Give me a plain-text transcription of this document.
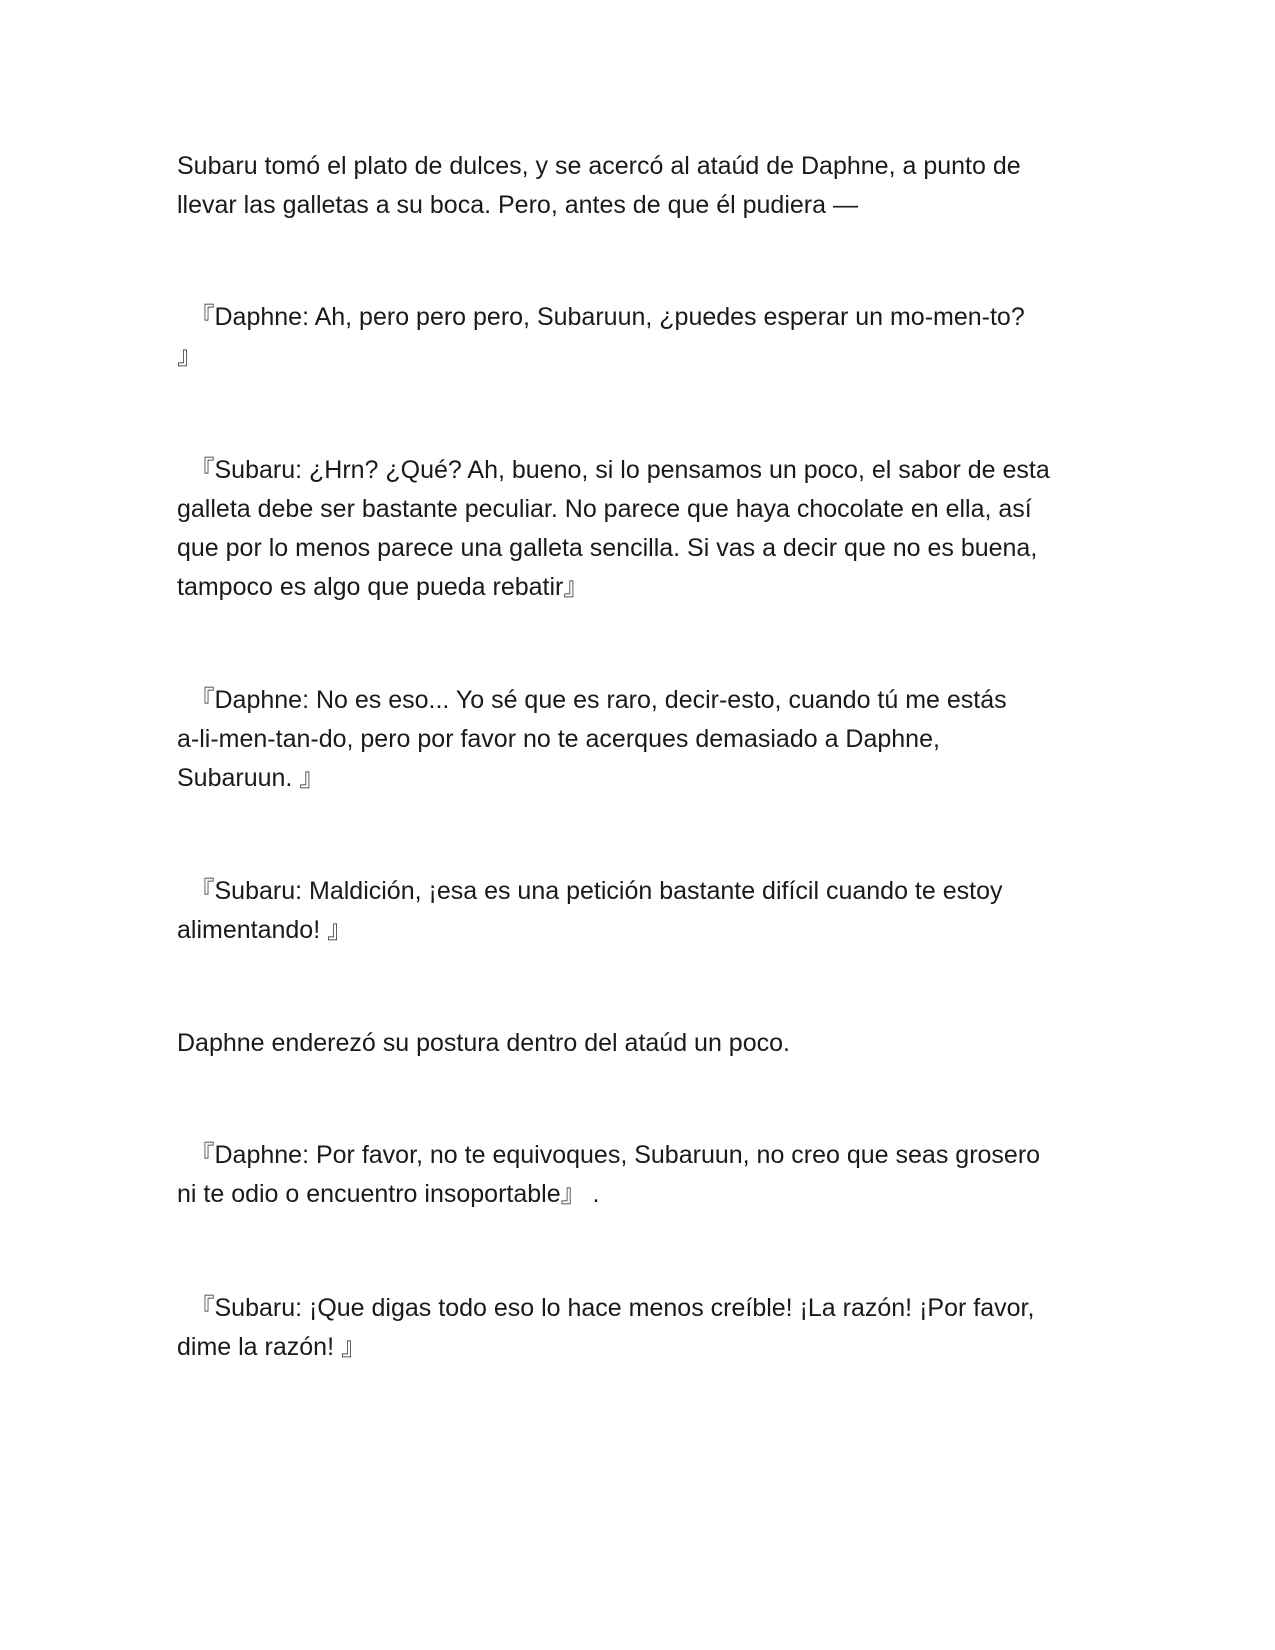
Subaru tomó el plato de dulces, y se acercó al ataúd de Daphne, a punto de
llevar las galletas a su boca. Pero, antes de que él pudiera —

　『Daphne: Ah, pero pero pero, Subaruun, ¿puedes esperar un mo-men-to?
』

　『Subaru: ¿Hrn? ¿Qué? Ah, bueno, si lo pensamos un poco, el sabor de esta
galleta debe ser bastante peculiar. No parece que haya chocolate en ella, así
que por lo menos parece una galleta sencilla. Si vas a decir que no es buena,
tampoco es algo que pueda rebatir』

　『Daphne: No es eso... Yo sé que es raro, decir-esto, cuando tú me estás
a-li-men-tan-do, pero por favor no te acerques demasiado a Daphne,
Subaruun. 』

　『Subaru: Maldición, ¡esa es una petición bastante difícil cuando te estoy
alimentando! 』

Daphne enderezó su postura dentro del ataúd un poco.

　『Daphne: Por favor, no te equivoques, Subaruun, no creo que seas grosero
ni te odio o encuentro insoportable』 .

　『Subaru: ¡Que digas todo eso lo hace menos creíble! ¡La razón! ¡Por favor,
dime la razón! 』
